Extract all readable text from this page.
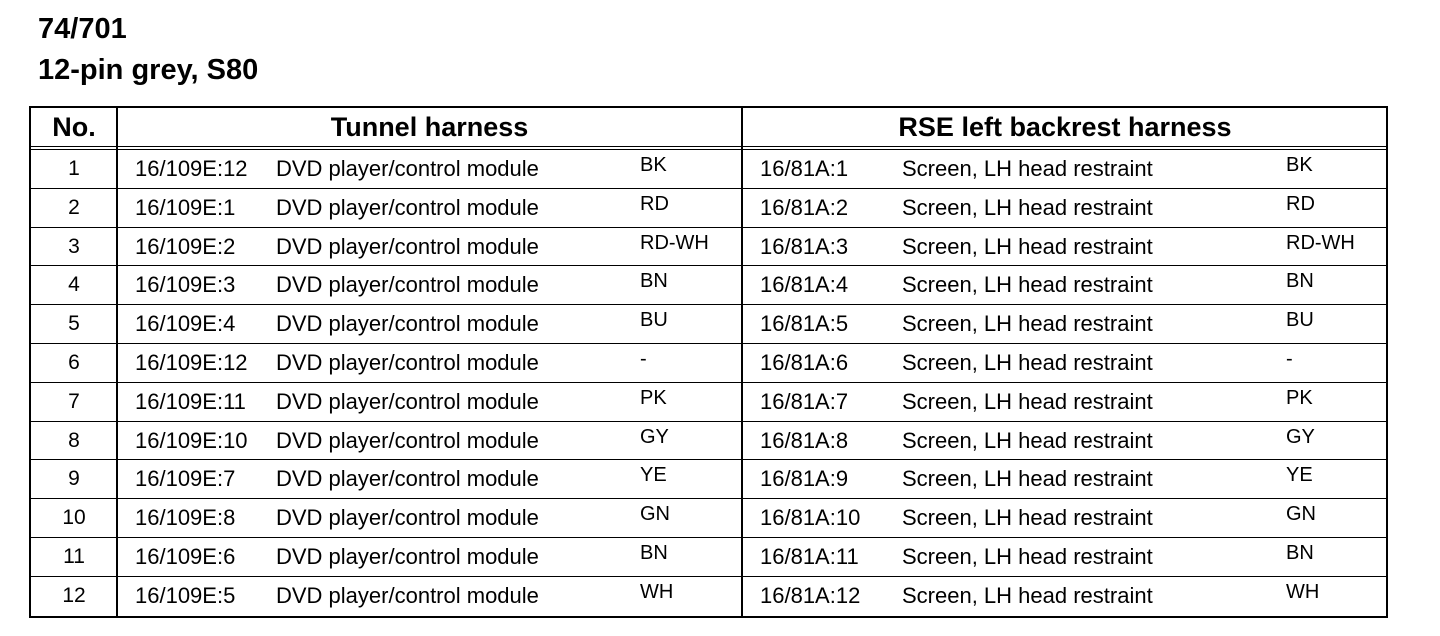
74/701
12-pin grey, S80
No.	Tunnel harness	RSE left backrest harness
1	16/109E:12 DVD player/control module	BK	16/81A:1 Screen, LH head restraint	BK
2	16/109E:1 DVD player/control module	RD	16/81A:2 Screen, LH head restraint	RD
3	16/109E:2 DVD player/control module	RD-WH 16/81A:3 Screen, LH head restraint	RD-WH
4	16/109E:3 DVD player/control module	BN	16/81A:4 Screen, LH head restraint	BN
5	16/109E:4 DVD player/control module	BU	16/81A:5 Screen, LH head restraint	BU
6	16/109E:12 DVD player/control module	-	16/81A:6 Screen, LH head restraint	-
7	16/109E:11 DVD player/control module	PK	16/81A:7 Screen, LH head restraint	PK
8	16/109E:10 DVD player/control module	GY	16/81A:8 Screen, LH head restraint	GY
9	16/109E:7 DVD player/control module	YE	16/81A:9 Screen, LH head restraint	YE
10	16/109E:8 DVD player/control module	GN	16/81A:10 Screen, LH head restraint	GN
11	16/109E:6 DVD player/control module	BN	16/81A:11 Screen, LH head restraint	BN
12	16/109E:5 DVD player/control module	WH	16/81A:12 Screen, LH head restraint	WH
